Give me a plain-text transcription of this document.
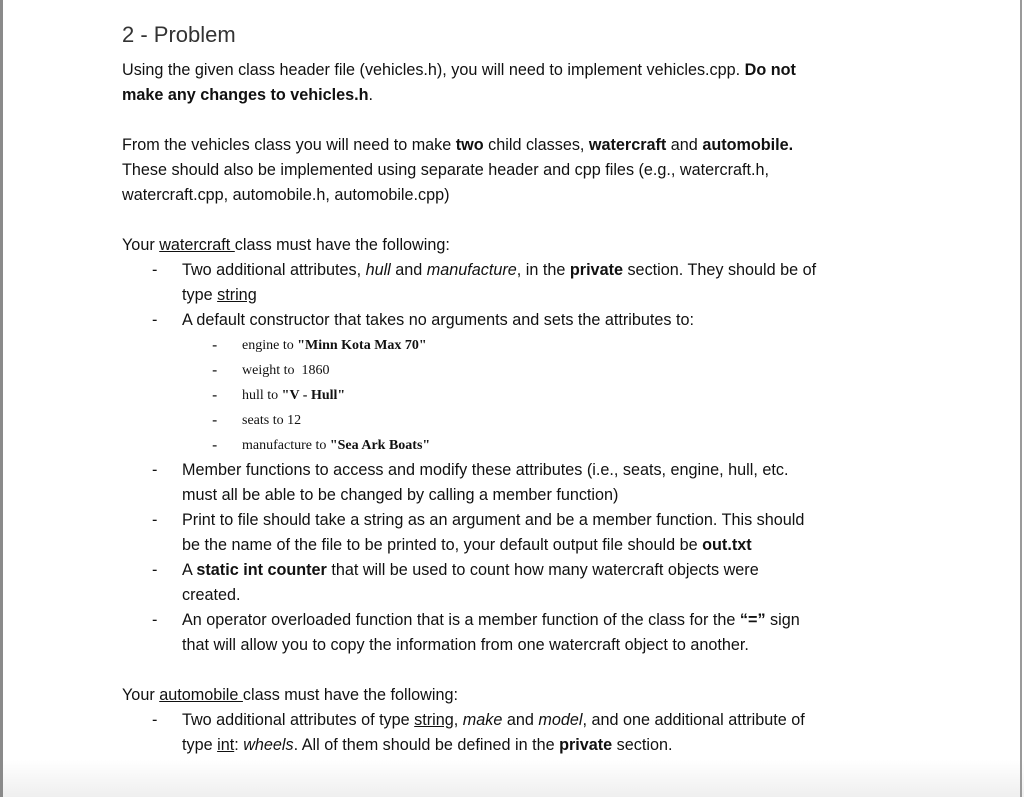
2 - Problem
Using the given class header file (vehicles.h), you will need to implement vehicles.cpp. Do not
make any changes to vehicles.h.
From the vehicles class you will need to make two child classes, watercraft and automobile.
These should also be implemented using separate header and cpp files (e.g., watercraft.h,
watercraft.cpp, automobile.h, automobile.cpp)
Your watercraft class must have the following:
- Two additional attributes, hull and manufacture, in the private section. They should be of
type string
- A default constructor that takes no arguments and sets the attributes to:
- engine to "Minn Kota Max 70"
- weight to  1860
- hull to "V - Hull"
- seats to 12
- manufacture to "Sea Ark Boats"
- Member functions to access and modify these attributes (i.e., seats, engine, hull, etc.
must all be able to be changed by calling a member function)
- Print to file should take a string as an argument and be a member function. This should
be the name of the file to be printed to, your default output file should be out.txt
- A static int counter that will be used to count how many watercraft objects were
created.
- An operator overloaded function that is a member function of the class for the “=” sign
that will allow you to copy the information from one watercraft object to another.
Your automobile class must have the following:
- Two additional attributes of type string, make and model, and one additional attribute of
type int: wheels. All of them should be defined in the private section.
